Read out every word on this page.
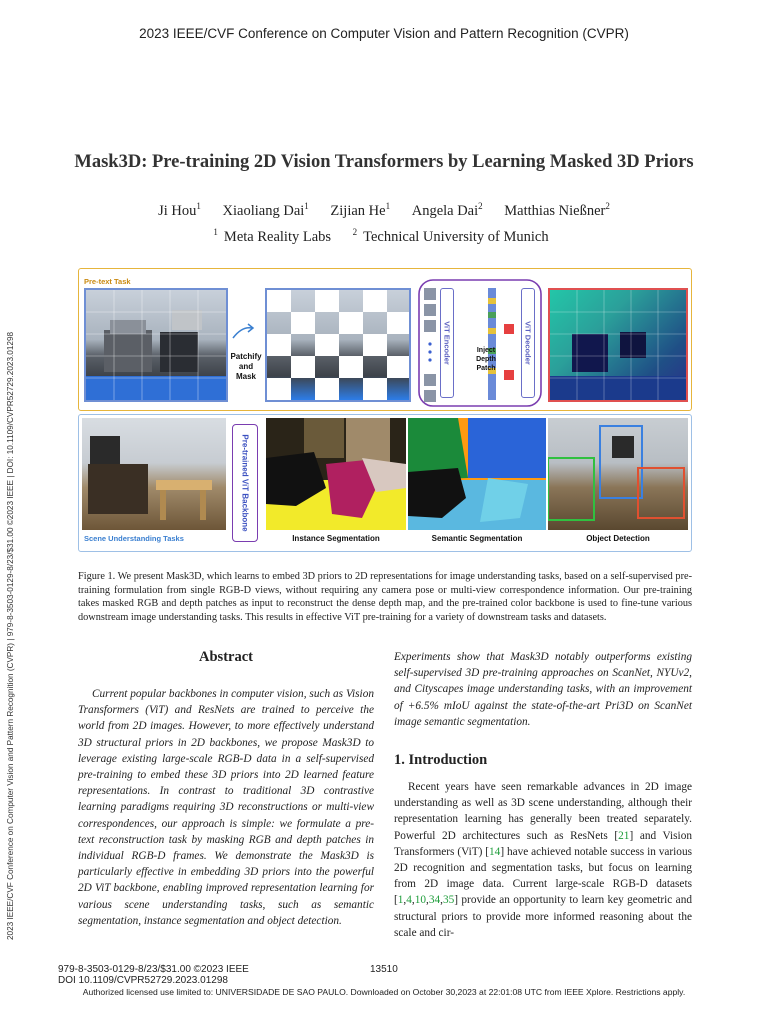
2023 IEEE/CVF Conference on Computer Vision and Pattern Recognition (CVPR)
2023 IEEE/CVF Conference on Computer Vision and Pattern Recognition (CVPR) | 979-8-3503-0129-8/23/$31.00 ©2023 IEEE | DOI: 10.1109/CVPR52729.2023.01298
Mask3D: Pre-training 2D Vision Transformers by Learning Masked 3D Priors
Ji Hou$^1$ Xiaoliang Dai$^1$ Zijian He$^1$ Angela Dai$^2$ Matthias Nießner$^2$
$^1$ Meta Reality Labs $^2$ Technical University of Munich
Pre-text Task
Patchify
and
Mask
ViT Encoder	Inject
Depth
Patch
ViT Decoder
Scene Understanding Tasks
Pre-trained ViT Backbone
Instance Segmentation	Semantic Segmentation	Object Detection
Figure 1. We present Mask3D, which learns to embed 3D priors to 2D representations for image understanding tasks, based on a self-supervised pre-training formulation from single RGB-D views, without requiring any camera pose or multi-view correspondence information. Our pre-training takes masked RGB and depth patches as input to reconstruct the dense depth map, and the pre-trained color backbone is used to fine-tune various downstream image understanding tasks. This results in effective ViT pre-training for a variety of downstream tasks and datasets.
Abstract
Current popular backbones in computer vision, such as Vision Transformers (ViT) and ResNets are trained to perceive the world from 2D images. However, to more effectively understand 3D structural priors in 2D backbones, we propose Mask3D to leverage existing large-scale RGB-D data in a self-supervised pre-training to embed these 3D priors into 2D learned feature representations. In contrast to traditional 3D contrastive learning paradigms requiring 3D reconstructions or multi-view correspondences, our approach is simple: we formulate a pre-text reconstruction task by masking RGB and depth patches in individual RGB-D frames. We demonstrate the Mask3D is particularly effective in embedding 3D priors into the powerful 2D ViT backbone, enabling improved representation learning for various scene understanding tasks, such as semantic segmentation, instance segmentation and object detection.
Experiments show that Mask3D notably outperforms existing self-supervised 3D pre-training approaches on ScanNet, NYUv2, and Cityscapes image understanding tasks, with an improvement of +6.5% mIoU against the state-of-the-art Pri3D on ScanNet image semantic segmentation.
1. Introduction
Recent years have seen remarkable advances in 2D image understanding as well as 3D scene understanding, although their representation learning has generally been treated separately. Powerful 2D architectures such as ResNets [21] and Vision Transformers (ViT) [14] have achieved notable success in various 2D recognition and segmentation tasks, but focus on learning from 2D image data. Current large-scale RGB-D datasets [1,4,10,34,35] provide an opportunity to learn key geometric and structural priors to provide more informed reasoning about the scale and cir-
979-8-3503-0129-8/23/$31.00 ©2023 IEEE
DOI 10.1109/CVPR52729.2023.01298
13510
Authorized licensed use limited to: UNIVERSIDADE DE SAO PAULO. Downloaded on October 30,2023 at 22:01:08 UTC from IEEE Xplore. Restrictions apply.
